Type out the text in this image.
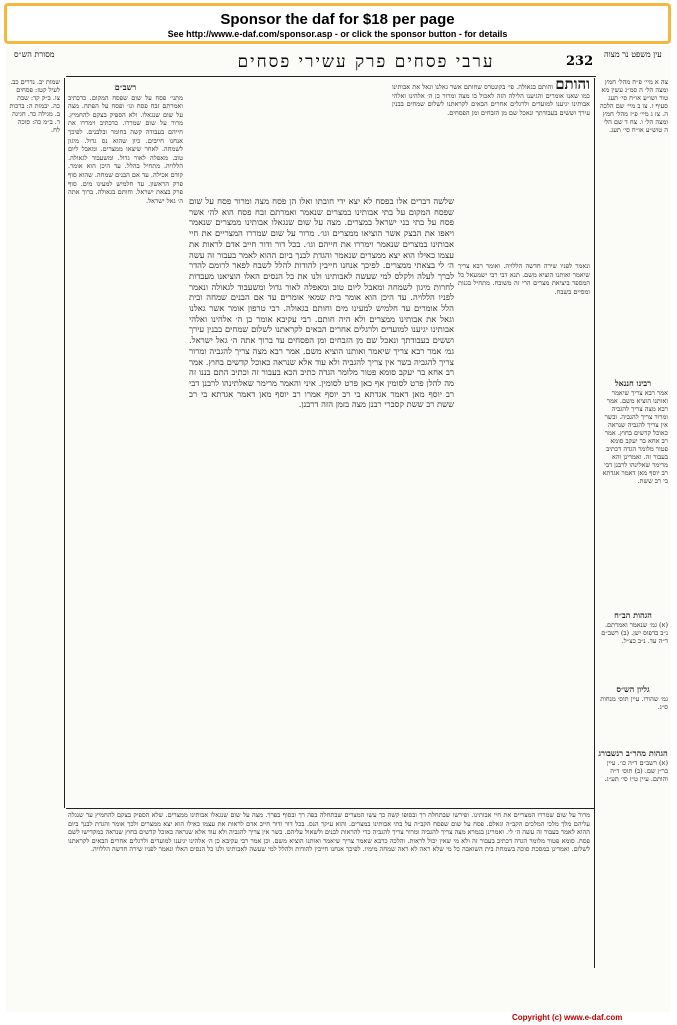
Sponsor the daf for $18 per page
See http://www.e-daf.com/sponsor.asp - or click the sponsor button - for details
מסורת הש״ס	ערבי פסחים פרק עשירי פסחים	232 עין משפט נר מצוה
צה א מיי׳ פ״ח מהל׳ חמץ ומצה הל׳ ה סמ״ג עשין מא טור ושו״ע או״ח סי׳ תעג סעיף ז. צו ב מיי׳ שם הלכה ה. צז ג מיי׳ פ״ז מהל׳ חמץ ומצה הל׳ ו. צח ד שם הל׳ ה טוש״ע או״ח סי׳ תעג.
רבינו חננאל
אמר רבא צריך שיאמר ואותנו הוציא משם. אמר רבא מצה צריך להגביה ומרור צריך להגביה. ובשר אין צריך להגביה שנראה כאוכל קדשים בחוץ. אמר רב אחא בר יעקב סומא פטור מלומר הגדה דכתיב בעבור זה. ואמרינן והא מרימר שאלינהו לרבנן דבי רב יוסף מאן דאמר אגדתא בי רב ששת.
הגהות הב״ח
(א) גמ׳ שנאמר ואמרתם. נ״ב בדפוס ישן. (ב) רשב״ם ד״ה עד. נ״ב כצ״ל.
גליון הש״ס
גמ׳ שהורו. עיין תוס׳ מנחות ס״ג.
הגהות מהר״ב רנשבורג
(א) רשב״ם ד״ה כו׳. עיין בר״ן שם. (ב) תוס׳ ד״ה והותם. עיין ט״ז סי׳ תע״ג.
שמות יב. נדרים כב. לעיל קטז: פסחים צו. ב״ק קד: שבת כה. יבמות ה: ברכות ב. מגילה כד. חגיגה ד. ב״מ כה: סוכה לח.
והותם והותם בגאולה. פי׳ בקונטרס שחותם אשר גאלנו וגאל את אבותינו כמו שאנו אומרים והגיענו הלילה הזה לאכול בו מצה ומרור כן ה׳ אלהינו ואלהי אבותינו יגיענו למועדים ולרגלים אחרים הבאים לקראתנו לשלום שמחים בבנין עירך וששים בעבודתך ונאכל שם מן הזבחים ומן הפסחים.
ונאמר לפניו שירה חדשה הללויה. ואומר רבא צריך שיאמר ואותנו הוציא משם. תנא דבי רבי ישמעאל כל המספר ביציאת מצרים הרי זה משובח. מתחיל בגנות ומסיים בשבח.
רשב״ם
מתני׳ פסח על שום שפסח המקום. כדכתיב ואמרתם זבח פסח וגו׳ ופסח על הפתח. מצה על שום שנגאלו. ולא הספיק בצקם להחמיץ. מרור על שום שמררו. כדכתיב וימררו את חייהם בעבודה קשה בחומר ובלבנים. לפיכך אנחנו חייבים. כיון שהוא נס גדול. מיגון לשמחה. לאחר שיצאו ממצרים. ומאבל ליום טוב. מאפלה לאור גדול. ומשעבוד לגאולה. הללויה. מתחיל בהלל. עד היכן הוא אומר. קודם אכילה. עד אם הבנים שמחה. שהוא סוף פרק הראשון. עד חלמיש למעינו מים. סוף פרק בצאת ישראל. וחותם בגאולה. ברוך אתה ה׳ גאל ישראל. שלשה דברים אלו בפסח לא יצא ידי חובתו ואלו הן פסח מצה ומרור פסח על שום שפסח המקום על בתי אבותינו במצרים שנאמר ואמרתם זבח פסח הוא לה׳ אשר פסח על בתי בני ישראל במצרים. מצה על שום שנגאלו אבותינו ממצרים שנאמר ויאפו את הבצק אשר הוציאו ממצרים וגו׳. מרור על שום שמררו המצריים את חיי אבותינו במצרים שנאמר וימררו את חייהם וגו׳. בכל דור ודור חייב אדם לראות את עצמו כאילו הוא יצא ממצרים שנאמר והגדת לבנך ביום ההוא לאמר בעבור זה עשה ה׳ לי בצאתי ממצרים. לפיכך אנחנו חייבין להודות להלל לשבח לפאר לרומם להדר לברך לעלה ולקלס למי שעשה לאבותינו ולנו את כל הנסים האלו הוציאנו מעבדות לחרות מיגון לשמחה ומאבל ליום טוב ומאפלה לאור גדול ומשעבוד לגאולה ונאמר לפניו הללויה. עד היכן הוא אומר בית שמאי אומרים עד אם הבנים שמחה ובית הלל אומרים עד חלמיש למעינו מים וחותם בגאולה. רבי טרפון אומר אשר גאלנו וגאל את אבותינו ממצרים ולא היה חותם. רבי עקיבא אומר כן ה׳ אלהינו ואלהי אבותינו יגיענו למועדים ולרגלים אחרים הבאים לקראתנו לשלום שמחים בבנין עירך וששים בעבודתך ונאכל שם מן הזבחים ומן הפסחים עד ברוך אתה ה׳ גאל ישראל. גמ׳ אמר רבא צריך שיאמר ואותנו הוציא משם. אמר רבא מצה צריך להגביה ומרור צריך להגביה בשר אין צריך להגביה ולא עוד אלא שנראה כאוכל קדשים בחוץ. אמר רב אחא בר יעקב סומא פטור מלומר הגדה כתיב הכא בעבור זה וכתיב התם בננו זה מה להלן פרט לסומין אף כאן פרט לסומין. איני והאמר מרימר שאלתינהו לרבנן דבי רב יוסף מאן דאמר אגדתא בי רב יוסף אמרו רב יוסף מאן דאמר אגדתא בי רב ששת רב ששת קסברי רבנן מצה בזמן הזה דרבנן.
מרור על שום שמררו המצריים את חיי אבותינו. ופירשו שבתחלה רך ובסופו קשה כך עשו המצרים שבתחלה בפה רך ובסוף בפרך. מצה על שום שנגאלו אבותינו ממצרים. שלא הספיק בצקם להחמיץ עד שנגלה עליהם מלך מלכי המלכים הקב״ה וגאלם. פסח על שום שפסח הקב״ה על בתי אבותינו במצרים. והוא עיקר הנס. בכל דור ודור חייב אדם לראות את עצמו כאילו הוא יצא ממצרים ולכך אומר והגדת לבנך ביום ההוא לאמר בעבור זה עשה ה׳ לי. ואמרינן בגמרא מצה צריך להגביה ומרור צריך להגביה כדי להראות לבנים ולשאול עליהם. בשר אין צריך להגביה ולא עוד אלא שנראה כאוכל קדשים בחוץ שנראה כמקדישו לשם פסח. סומא פטור מלומר הגדה דכתיב בעבור זה ולא מי שאין יכול לראות. והלכה כרבא שאמר צריך שיאמר ואותנו הוציא משם. וכן אמר רבי עקיבא כן ה׳ אלהינו יגיענו למועדים ולרגלים אחרים הבאים לקראתנו לשלום. ואמרינן במסכת סוכה בשמחת בית השואבה כל מי שלא ראה לא ראה שמחה מימיו. לפיכך אנחנו חייבין להודות ולהלל למי שעשה לאבותינו ולנו כל הנסים האלו ונאמר לפניו שירה חדשה הללויה.
Copyright (c) www.e-daf.com
